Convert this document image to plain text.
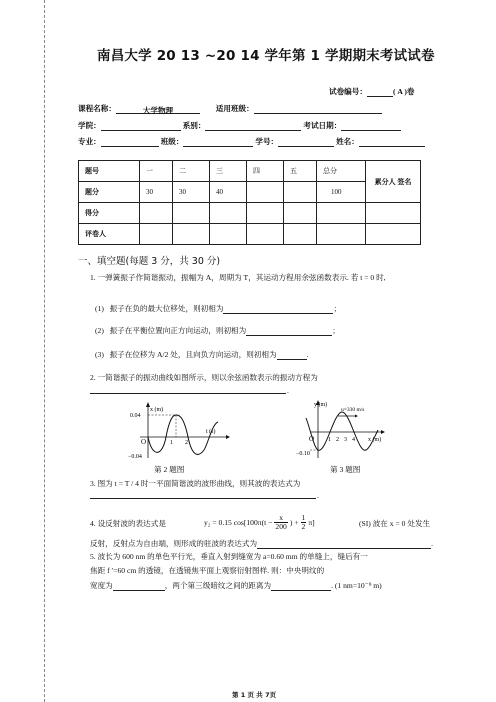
南昌大学 20 13 ~20 14 学年第 1 学期期末考试试卷
试卷编号：	( A )卷
课程名称：	大学物理	适用班级：
学院：	系别：	考试日期：
专业：	班级：	学号：	姓名：
题号	一	二	三	四	五	总分	累分人 签名
题分	30	30	40			100	
得分							
评卷人							
一、填空题(每题 3 分，共 30 分)
1. 一弹簧振子作简谐振动，振幅为 A，周期为 T，其运动方程用余弦函数表示. 若 t = 0 时,
(1) 振子在负的最大位移处，则初相为	；
(2) 振子在平衡位置向正方向运动，则初相为	；
(3) 振子在位移为 A/2 处，且向负方向运动，则初相为	.
2. 一简谐振子的振动曲线如图所示，则以余弦函数表示的振动方程为
.
x (m)
t (s)
0.04
−0.04
O	1 2
第 2 题图
y (m)
u=330 m/s
x (m)
−0.10
O 1 2 3 4
第 3 题图
3. 图为 t = T / 4 时一平面简谐波的波形曲线，则其波的表达式为
.
4. 设反射波的表达式是	y₂ = 0.15 $\cos[100\pi(t - \frac{x}{200}$ ) + $\frac{1}{2} \pi$]	(SI) 波在 x = 0 处发生
反射，反射点为自由端，则形成的驻波的表达式为	.
5. 波长为 600 nm 的单色平行光，垂直入射到缝宽为 a=0.60 mm 的单缝上，缝后有一
焦距 f ′=60 cm 的透镜，在透镜焦平面上观察衍射图样. 则：中央明纹的
宽度为	，两个第三级暗纹之间的距离为	. (1 nm=10⁻⁹ m)
第 1 页 共 7页
